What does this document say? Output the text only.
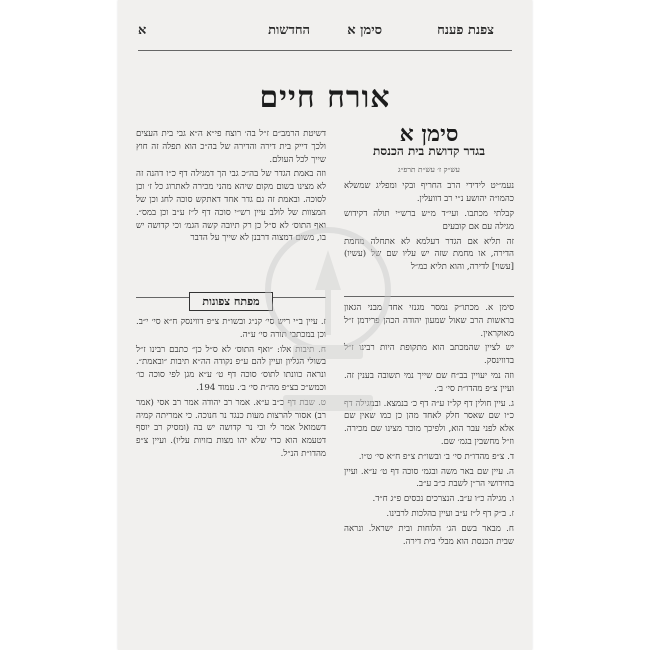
צפנת פענח
סימן א
החדשות
א
אורח חיים
סימן א
בגדר קדושת בית הכנסת
עש״ק ז׳ עש״ת תרפ״ג

נעמ״יט לידידי הרב החריף ובקי ומפליג שמשלא כהמו״ה יהושע נ״י רב דוועלין.

קבלתי מכתבו. ועי״ד מ״ש ברש״י תולה דקידוש מגילה עם אם קובעים

זה תליא אם הגדר דעלמא לא אתחלה מחמת הדירה, או מחמת שזה יש עליו שם של (עשיו) [עשוי] לדירה, והוא תליא כמ״ל

דשיטת הרמב״ם ז״ל בה׳ רוצח פי״א ה״א גבי בית העצים ולכך דייק בית דירה והדירה של בה״כ הוא תפלה זה חוץ שייך לכל העולם.

וזה באמת הגדר של בה״כ גבי הך דמגילה דף כ״ו דהנה זה לא מצינו בשום מקום שיהא מהני מכירה לאתרוג כל ז׳ וכן לסוכה. ובאמת זה גם גדר אחד דאתקש סוכה לחג וכן של המצוות של לולב עיין רש״י סוכה דף ל״ז ע״ב וכן במס״. ואף התוס׳ לא ס״ל כן רק תיובה קשה הגמ׳ וכי קדושה יש בו, משום דמצוה דרבנן לא שייך על הדבר

מפתח צפונות	סימן א. מכתו״ק נמסר מגנזי אחד מבני הגאון בראשות הרב שאול שמעון יהודה הכהן פרידמן ז״ל מאוקראין.

יש לציין שהמכתב הוא מתקופת היות רבינו ז״ל בדווינסק.

וזה נמי יעויין בב״ח שם שייך נמי תשובה בענין זה. ועיין צ״פ מהדו״ת סי׳ ב׳.

ג. עיין חולין דף קל״ז ע״ה דף כ׳ בנמצא. ובמגילה דף כ״ו שם שאסר חלק לאחד מהן כן כמו שאין שם אלא לפני עבר הוא, ולפיכך מוכר מצינו שם מכירה. וז״ל מחשבין בגמ׳ שם.

ד. צ״פ מהדו״ת סי׳ ב׳ ובשו״ת צ״פ ח״א סי׳ ט״ו.

ה. עיין שם באר משה ובגמ׳ סוכה דף ט׳ ע״א. ועיין בחידושי הר״ן לשבת כ״ב ע״ב.

ו. מגילה כ״ו ע״ב. הנצרכים נכסים פ״ג ח״ד.

ז. ב״ק דף ל״ז ע״ב ועיין בהלכות לרבינו.

ח. מבאר בשם הג׳ הלוחות ובית ישראל. ונראה שבית הכנסת הוא מבלי בית דירה.

ז. עיין ב״י ריש סי׳ קנ״ג ובשו״ת צ״פ דווינסק ח״א סי׳ י״ב. וכן במכתבי תורה סי׳ ע״ה.

ח. תיבות אלו: ״ואף התוס׳ לא ס״ל כן״ כתבם רבינו ז״ל בשולי הגליון ועיין להם ע״פ נקודה הה״א תיבות ״ובאמת״. ונראה כוונתו לתוס׳ סוכה דף ט׳ ע״א מגן לפי סוכה כו׳ וכמש״כ בצ״פ מה״ת סי׳ ב׳. עמוד 194.

ט. שבת דף כ״ב ע״א. אמר רב יהודה אמר רב אסי (אמר רב) אסור להרצות מעות כנגד נר חנוכה. כי אמריתה קמיה דשמואל אמר לי וכי נר קדושה יש בה (ומסיק רב יוסף דטעמא הוא כדי שלא יהו מצות בזויות עליו). ועיין צ״פ מהדו״ת הנ״ל.
